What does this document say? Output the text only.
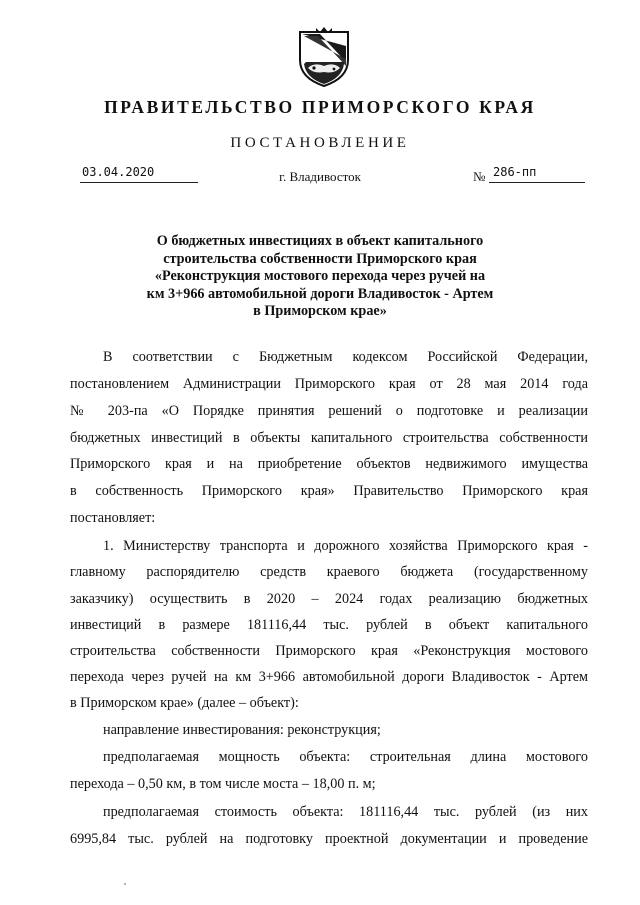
ПРАВИТЕЛЬСТВО ПРИМОРСКОГО КРАЯ
ПОСТАНОВЛЕНИЕ
03.04.2020	г. Владивосток	№ 286-пп
О бюджетных инвестициях в объект капитального
строительства собственности Приморского края
«Реконструкция мостового перехода через ручей на
км 3+966 автомобильной дороги Владивосток - Артем
в Приморском крае»
В соответствии с Бюджетным кодексом Российской Федерации,
постановлением Администрации Приморского края от 28 мая 2014 года
№ 203-па «О Порядке принятия решений о подготовке и реализации
бюджетных инвестиций в объекты капитального строительства собственности
Приморского края и на приобретение объектов недвижимого имущества
в собственность Приморского края» Правительство Приморского края
постановляет:
1. Министерству транспорта и дорожного хозяйства Приморского края -
главному распорядителю средств краевого бюджета (государственному
заказчику) осуществить в 2020 – 2024 годах реализацию бюджетных
инвестиций в размере 181116,44 тыс. рублей в объект капитального
строительства собственности Приморского края «Реконструкция мостового
перехода через ручей на км 3+966 автомобильной дороги Владивосток - Артем
в Приморском крае» (далее – объект):
направление инвестирования: реконструкция;
предполагаемая мощность объекта: строительная длина мостового
перехода – 0,50 км, в том числе моста – 18,00 п. м;
предполагаемая стоимость объекта: 181116,44 тыс. рублей (из них
6995,84 тыс. рублей на подготовку проектной документации и проведение
